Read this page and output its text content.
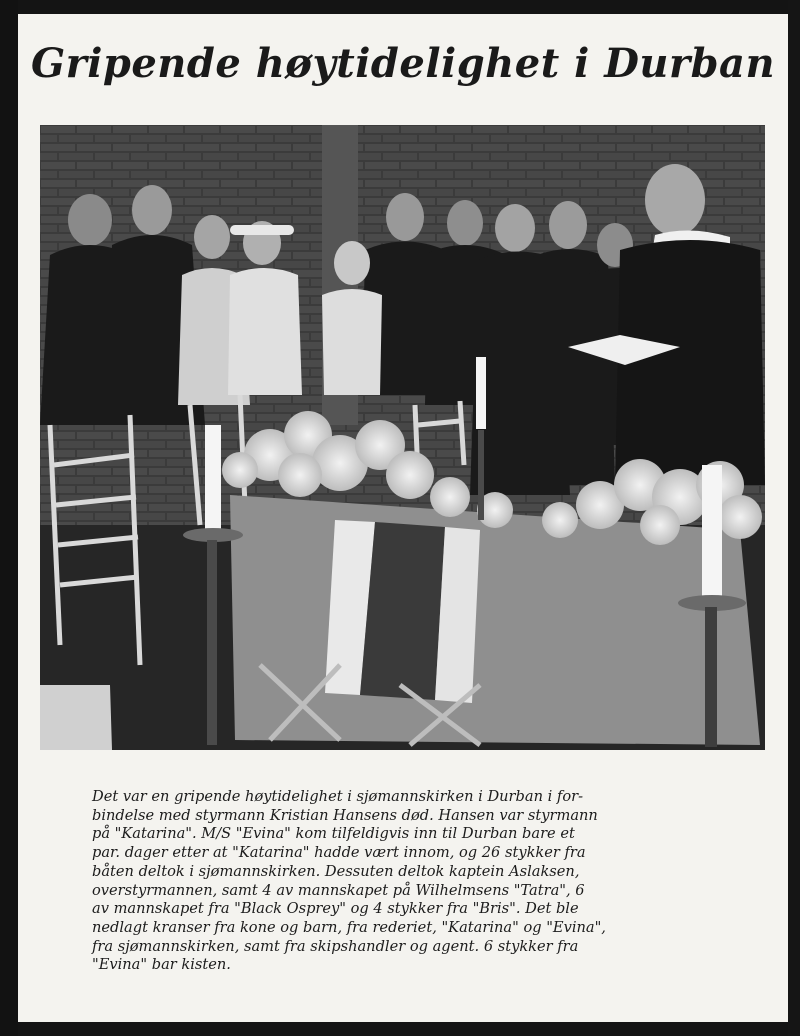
Gripende høytidelighet i Durban
Det var en gripende høytidelighet i sjømannskirken i Durban i for-
bindelse med styrmann Kristian Hansens død. Hansen var styrmann
på "Katarina". M/S "Evina" kom tilfeldigvis inn til Durban bare et
par. dager etter at "Katarina" hadde vært innom, og 26 stykker fra
båten deltok i sjømannskirken. Dessuten deltok kaptein Aslaksen,
overstyrmannen, samt 4 av mannskapet på Wilhelmsens "Tatra", 6
av mannskapet fra "Black Osprey" og 4 stykker fra "Bris". Det ble
nedlagt kranser fra kone og barn, fra rederiet, "Katarina" og "Evina",
fra sjømannskirken, samt fra skipshandler og agent. 6 stykker fra
"Evina" bar kisten.
